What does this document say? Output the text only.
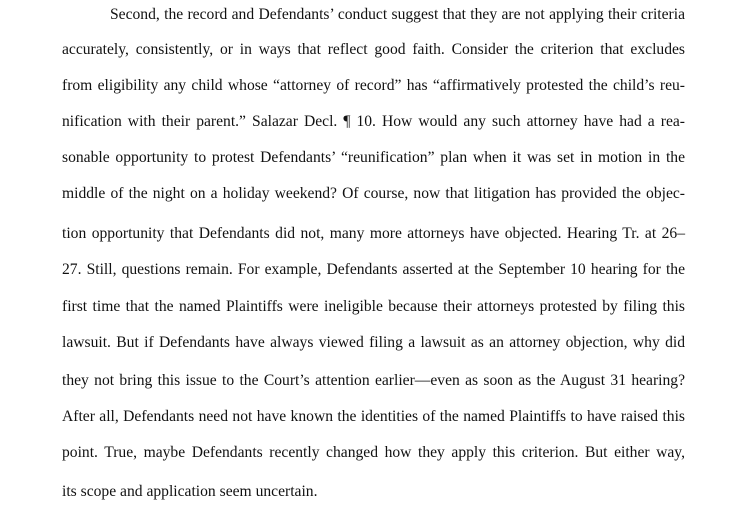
Second, the record and Defendants’ conduct suggest that they are not applying their criteria
accurately, consistently, or in ways that reflect good faith. Consider the criterion that excludes
from eligibility any child whose “attorney of record” has “affirmatively protested the child’s reu-
nification with their parent.” Salazar Decl. ¶ 10. How would any such attorney have had a rea-
sonable opportunity to protest Defendants’ “reunification” plan when it was set in motion in the
middle of the night on a holiday weekend? Of course, now that litigation has provided the objec-
tion opportunity that Defendants did not, many more attorneys have objected. Hearing Tr. at 26–
27. Still, questions remain. For example, Defendants asserted at the September 10 hearing for the
first time that the named Plaintiffs were ineligible because their attorneys protested by filing this
lawsuit. But if Defendants have always viewed filing a lawsuit as an attorney objection, why did
they not bring this issue to the Court’s attention earlier—even as soon as the August 31 hearing?
After all, Defendants need not have known the identities of the named Plaintiffs to have raised this
point. True, maybe Defendants recently changed how they apply this criterion. But either way,
its scope and application seem uncertain.
